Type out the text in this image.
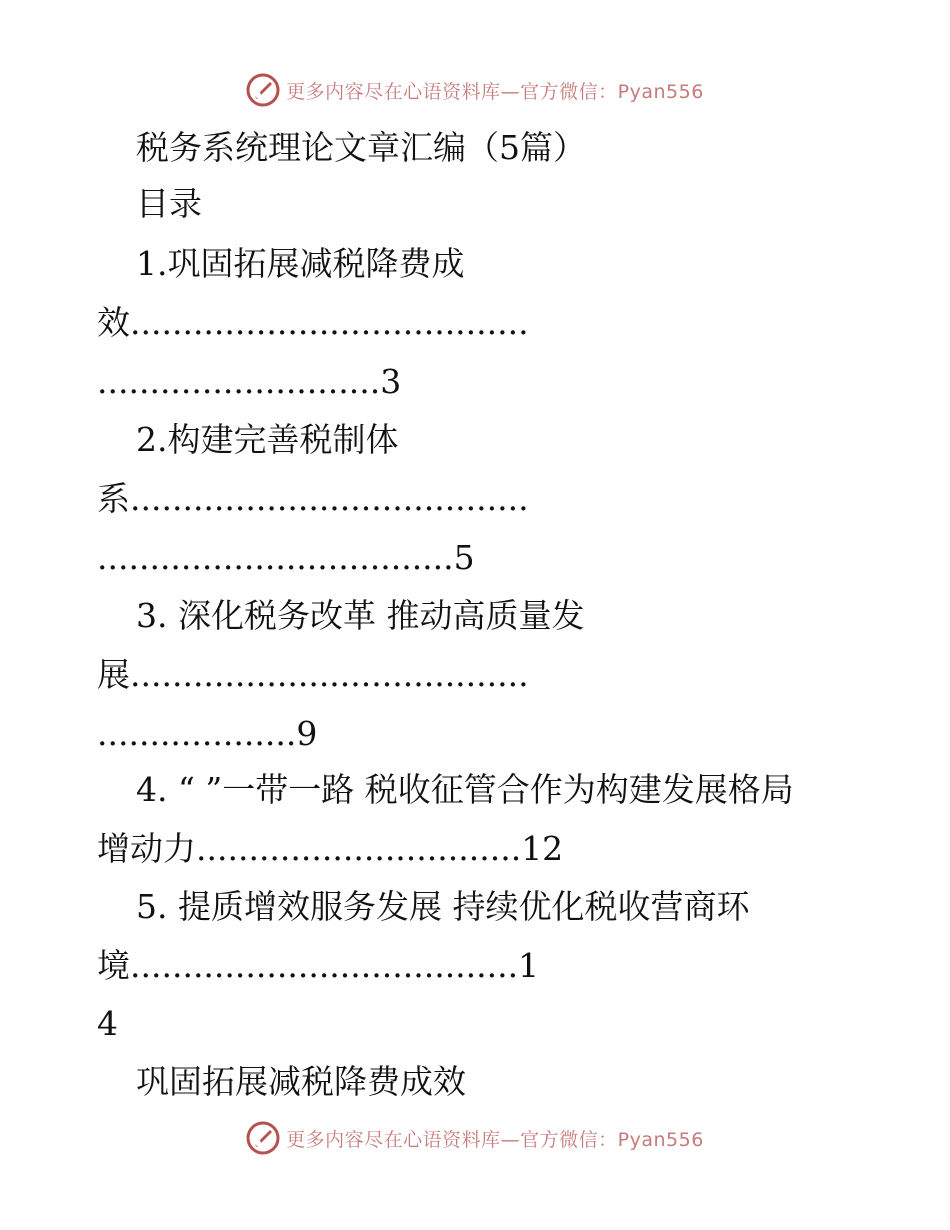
更多内容尽在心语资料库—官方微信：Pyan556
税务系统理论文章汇编（5篇）
目录
1.巩固拓展减税降费成
效......................................
...........................3
2.构建完善税制体
系......................................
..................................5
3. 深化税务改革 推动高质量发
展......................................
...................9
4. “ ”一带一路 税收征管合作为构建发展格局
增动力...............................12
5. 提质增效服务发展 持续优化税收营商环
境.....................................1
4
巩固拓展减税降费成效
更多内容尽在心语资料库—官方微信：Pyan556
